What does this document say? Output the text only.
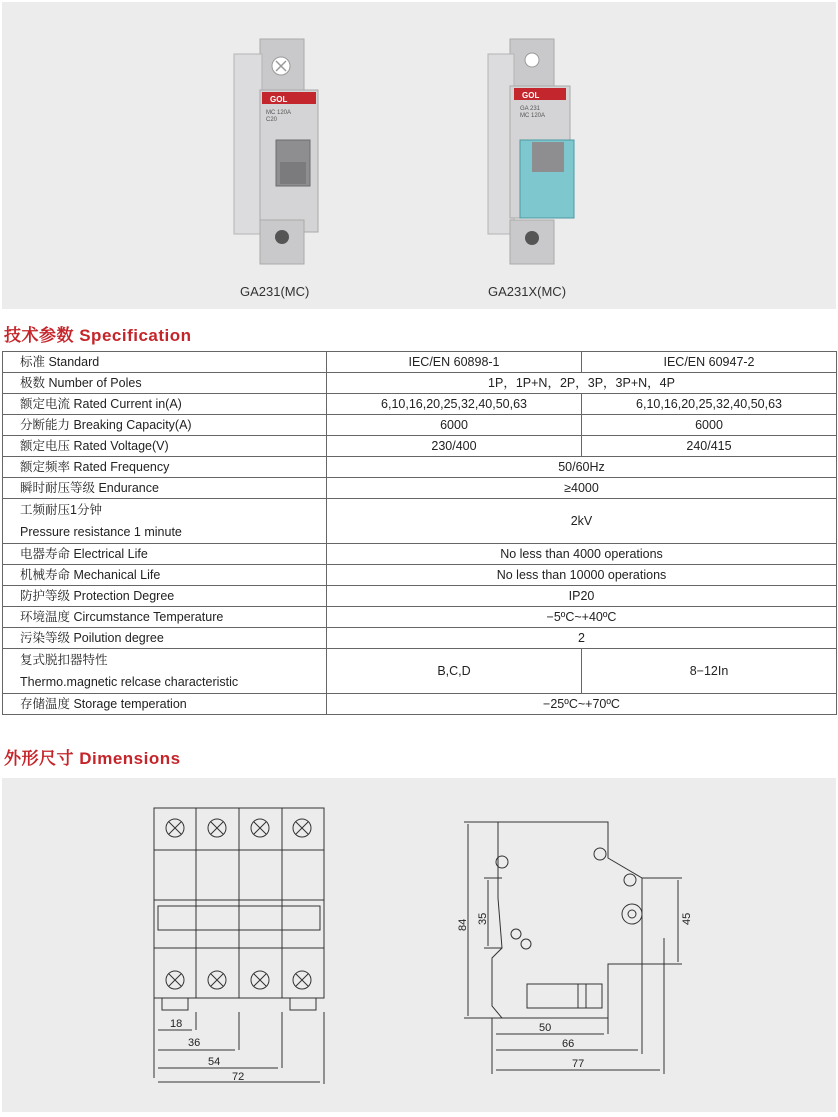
GOL
MC 120A
C20
GA231(MC)
GOL
GA 231
MC 120A
GA231X(MC)
技术参数 Specification
标准 Standard	IEC/EN 60898-1	IEC/EN 60947-2
极数 Number of Poles	1P，1P+N，2P，3P，3P+N，4P	
额定电流 Rated Current in(A)	6,10,16,20,25,32,40,50,63	6,10,16,20,25,32,40,50,63
分断能力 Breaking Capacity(A)	6000	6000
额定电压 Rated Voltage(V)	230/400	240/415
额定频率 Rated Frequency	50/60Hz	
瞬时耐压等级 Endurance	≥4000	

工频耐压1分钟
Pressure resistance 1 minute	2kV	
电器寿命 Electrical Life	No less than 4000 operations	
机械寿命 Mechanical Life	No less than 10000 operations	
防护等级 Protection Degree	IP20	
环境温度 Circumstance Temperature	−5ºC~+40ºC	
污染等级 Poilution degree	2	

复式脱扣器特性
Thermo.magnetic relcase characteristic	B,C,D	8−12In
存储温度 Storage temperation	−25ºC~+70ºC	
外形尺寸 Dimensions
18
36
54
72
50
66
77
84 35	45
